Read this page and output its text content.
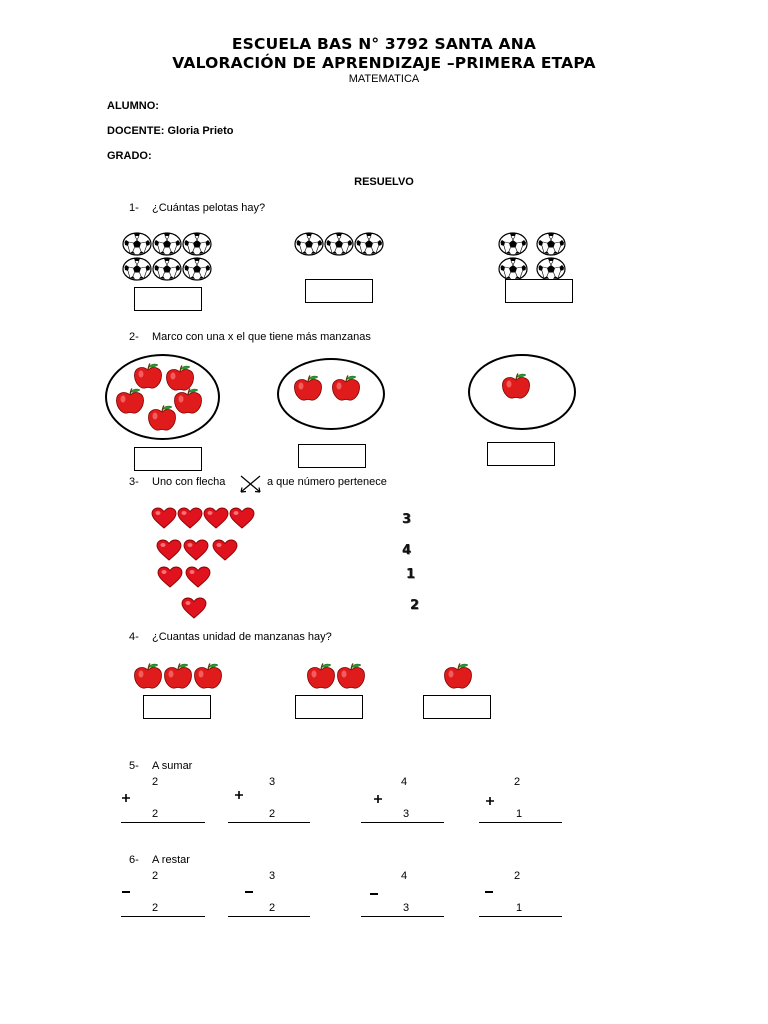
ESCUELA BAS N° 3792 SANTA ANA
VALORACIÓN DE APRENDIZAJE –PRIMERA ETAPA
MATEMATICA
ALUMNO:
DOCENTE: Gloria Prieto
GRADO:
RESUELVO
1- ¿Cuántas pelotas hay?
2- Marco con una x el que tiene más manzanas
3- Uno con flecha	a que número pertenece
3
4
1
2
4- ¿Cuantas unidad de manzanas hay?
5- A sumar
2
2
3
2
4
3
2
1
6- A restar
2
2
3
2
4
3
2
1
